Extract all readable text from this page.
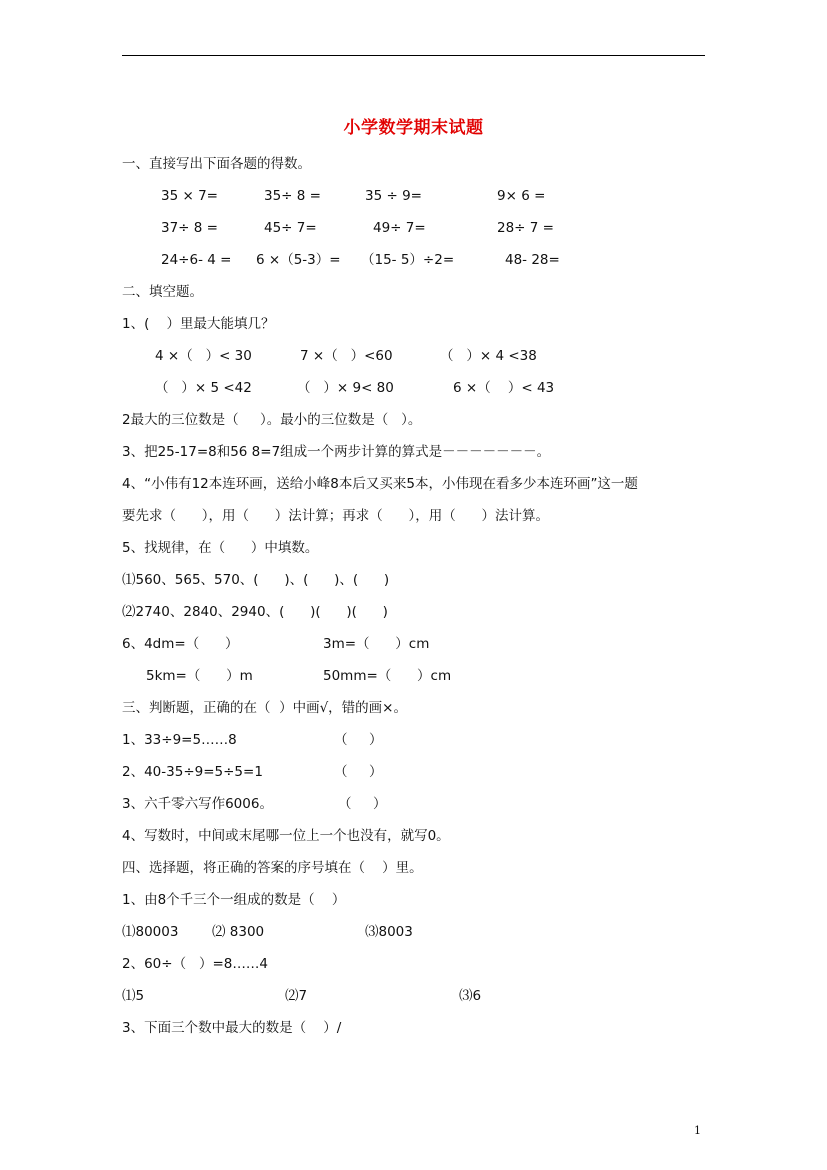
小学数学期末试题
一、直接写出下面各题的得数。
35 × 7=	35÷ 8 =	35 ÷ 9=	9× 6 =
37÷ 8 =	45÷ 7=	49÷ 7=	28÷ 7 =
24÷6- 4 = 6 ×（5-3）= （15- 5）÷2=	48- 28=
二、填空题。
1、(    ）里最大能填几？
4 ×（   ）< 30	7 ×（   ）<60	（   ）× 4 <38
（   ）× 5 <42	（   ）× 9< 80	6 ×（    ）< 43
2最大的三位数是（     ）。最小的三位数是（   ）。
3、把25-17=8和56 8=7组成一个两步计算的算式是－－－－－－－。
4、“小伟有12本连环画，送给小峰8本后又买来5本，小伟现在看多少本连环画”这一题
要先求（      ），用（      ）法计算；再求（      ），用（      ）法计算。
5、找规律，在（      ）中填数。
⑴560、565、570、(      )、(      )、(      )
⑵2740、2840、2940、(      )(      )(      )
6、4dm=（      ）	3m=（      ）cm
5km=（      ）m	50mm=（      ）cm
三、判断题，正确的在（  ）中画√，错的画×。
1、33÷9=5……8	（     ）
2、40-35÷9=5÷5=1	（     ）
3、六千零六写作6006。	（     ）
4、写数时，中间或末尾哪一位上一个也没有，就写0。
四、选择题，将正确的答案的序号填在（    ）里。
1、由8个千三个一组成的数是（    ）
⑴80003 ⑵ 8300	⑶8003
2、60÷（   ）=8……4
⑴5	⑵7	⑶6
3、下面三个数中最大的数是（    ）/
1
